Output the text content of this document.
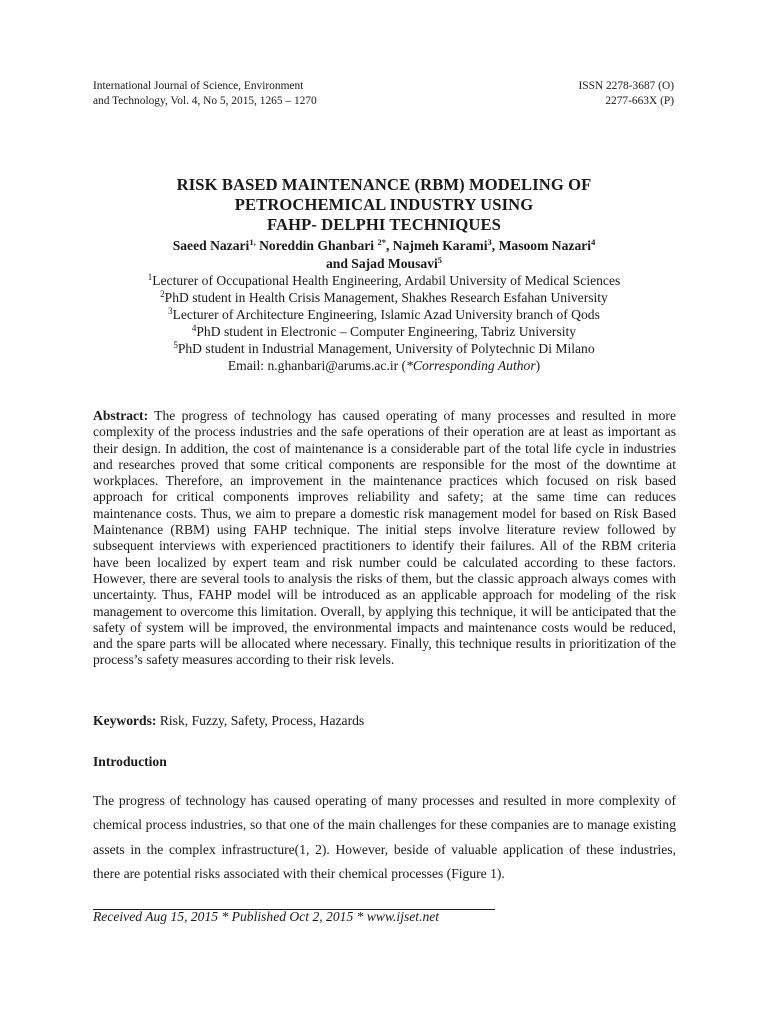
International Journal of Science, Environment
and Technology, Vol. 4, No 5, 2015, 1265 – 1270
ISSN 2278-3687 (O)
2277-663X (P)
RISK BASED MAINTENANCE (RBM) MODELING OF
PETROCHEMICAL INDUSTRY USING
FAHP- DELPHI TECHNIQUES
Saeed Nazari$^{1,}$ Noreddin Ghanbari $^{2*}$, Najmeh Karami$^3$, Masoom Nazari$^4$
and Sajad Mousavi$^5$
$^1$Lecturer of Occupational Health Engineering, Ardabil University of Medical Sciences
$^2$PhD student in Health Crisis Management, Shakhes Research Esfahan University
$^3$Lecturer of Architecture Engineering, Islamic Azad University branch of Qods
$^4$PhD student in Electronic – Computer Engineering, Tabriz University
$^5$PhD student in Industrial Management, University of Polytechnic Di Milano
Email: n.ghanbari@arums.ac.ir (*Corresponding Author)
Abstract: The progress of technology has caused operating of many processes and resulted in more complexity of the process industries and the safe operations of their operation are at least as important as their design. In addition, the cost of maintenance is a considerable part of the total life cycle in industries and researches proved that some critical components are responsible for the most of the downtime at workplaces. Therefore, an improvement in the maintenance practices which focused on risk based approach for critical components improves reliability and safety; at the same time can reduces maintenance costs. Thus, we aim to prepare a domestic risk management model for based on Risk Based Maintenance (RBM) using FAHP technique. The initial steps involve literature review followed by subsequent interviews with experienced practitioners to identify their failures. All of the RBM criteria have been localized by expert team and risk number could be calculated according to these factors. However, there are several tools to analysis the risks of them, but the classic approach always comes with uncertainty. Thus, FAHP model will be introduced as an applicable approach for modeling of the risk management to overcome this limitation. Overall, by applying this technique, it will be anticipated that the safety of system will be improved, the environmental impacts and maintenance costs would be reduced, and the spare parts will be allocated where necessary. Finally, this technique results in prioritization of the process’s safety measures according to their risk levels.
Keywords: Risk, Fuzzy, Safety, Process, Hazards
Introduction
The progress of technology has caused operating of many processes and resulted in more complexity of chemical process industries, so that one of the main challenges for these companies are to manage existing assets in the complex infrastructure(1, 2). However, beside of valuable application of these industries, there are potential risks associated with their chemical processes (Figure 1).
Received Aug 15, 2015 * Published Oct 2, 2015 * www.ijset.net
